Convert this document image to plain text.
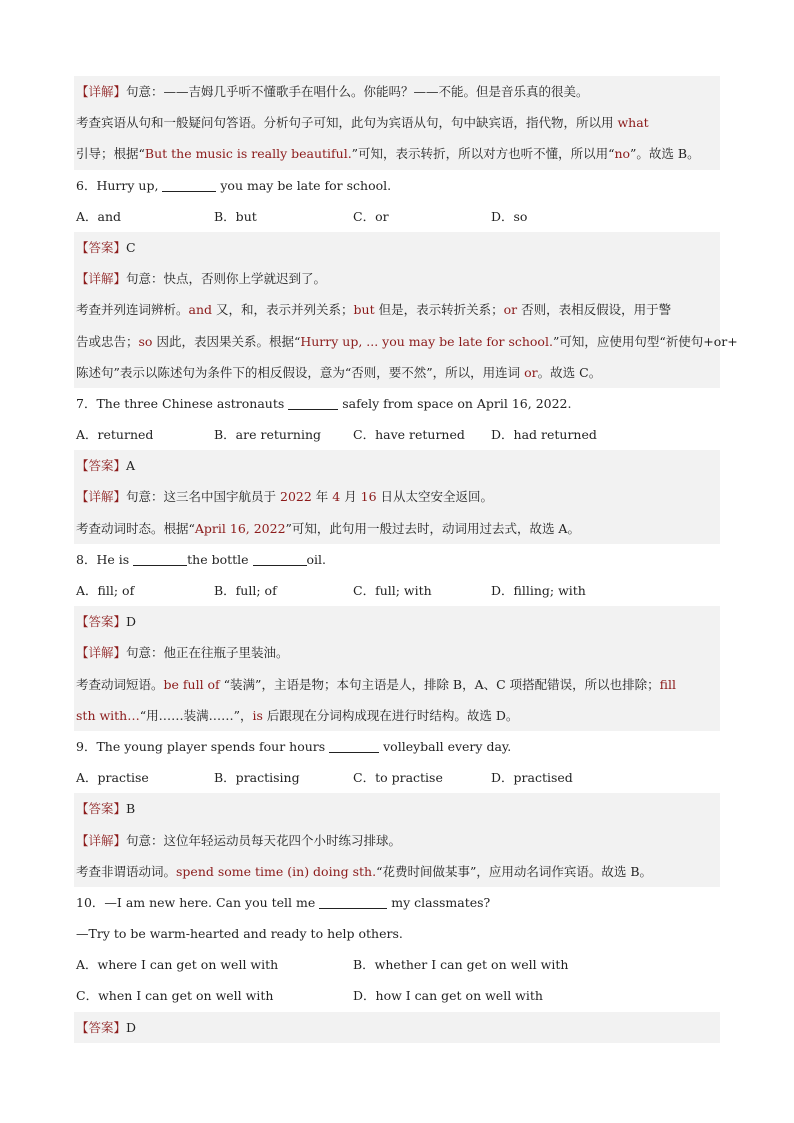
【详解】句意：——吉姆几乎听不懂歌手在唱什么。你能吗？——不能。但是音乐真的很美。
考查宾语从句和一般疑问句答语。分析句子可知，此句为宾语从句，句中缺宾语，指代物，所以用 what
引导；根据“But the music is really beautiful.”可知，表示转折，所以对方也听不懂，所以用“no”。故选 B。
6．Hurry up,	you may be late for school.
A．and	B．but	C．or	D．so
【答案】C
【详解】句意：快点，否则你上学就迟到了。
考查并列连词辨析。and 又，和，表示并列关系；but 但是，表示转折关系；or 否则，表相反假设，用于警
告或忠告；so 因此，表因果关系。根据“Hurry up, ... you may be late for school.”可知，应使用句型“祈使句+or+
陈述句”表示以陈述句为条件下的相反假设，意为“否则，要不然”，所以，用连词 or。故选 C。
7．The three Chinese astronauts	safely from space on April 16, 2022.
A．returned	B．are returning	C．have returned D．had returned
【答案】A
【详解】句意：这三名中国宇航员于 2022 年 4 月 16 日从太空安全返回。
考查动词时态。根据“April 16, 2022”可知，此句用一般过去时，动词用过去式，故选 A。
8．He is	the bottle	oil.
A．fill; of	B．full; of	C．full; with	D．filling; with
【答案】D
【详解】句意：他正在往瓶子里装油。
考查动词短语。be full of “装满”，主语是物；本句主语是人，排除 B，A、C 项搭配错误，所以也排除；fill
sth with…“用……装满……”，is 后跟现在分词构成现在进行时结构。故选 D。
9．The young player spends four hours	volleyball every day.
A．practise	B．practising	C．to practise	D．practised
【答案】B
【详解】句意：这位年轻运动员每天花四个小时练习排球。
考查非谓语动词。spend some time (in) doing sth.“花费时间做某事”，应用动名词作宾语。故选 B。
10．—I am new here. Can you tell me	my classmates?
—Try to be warm-hearted and ready to help others.
A．where I can get on well with	B．whether I can get on well with
C．when I can get on well with	D．how I can get on well with
【答案】D
